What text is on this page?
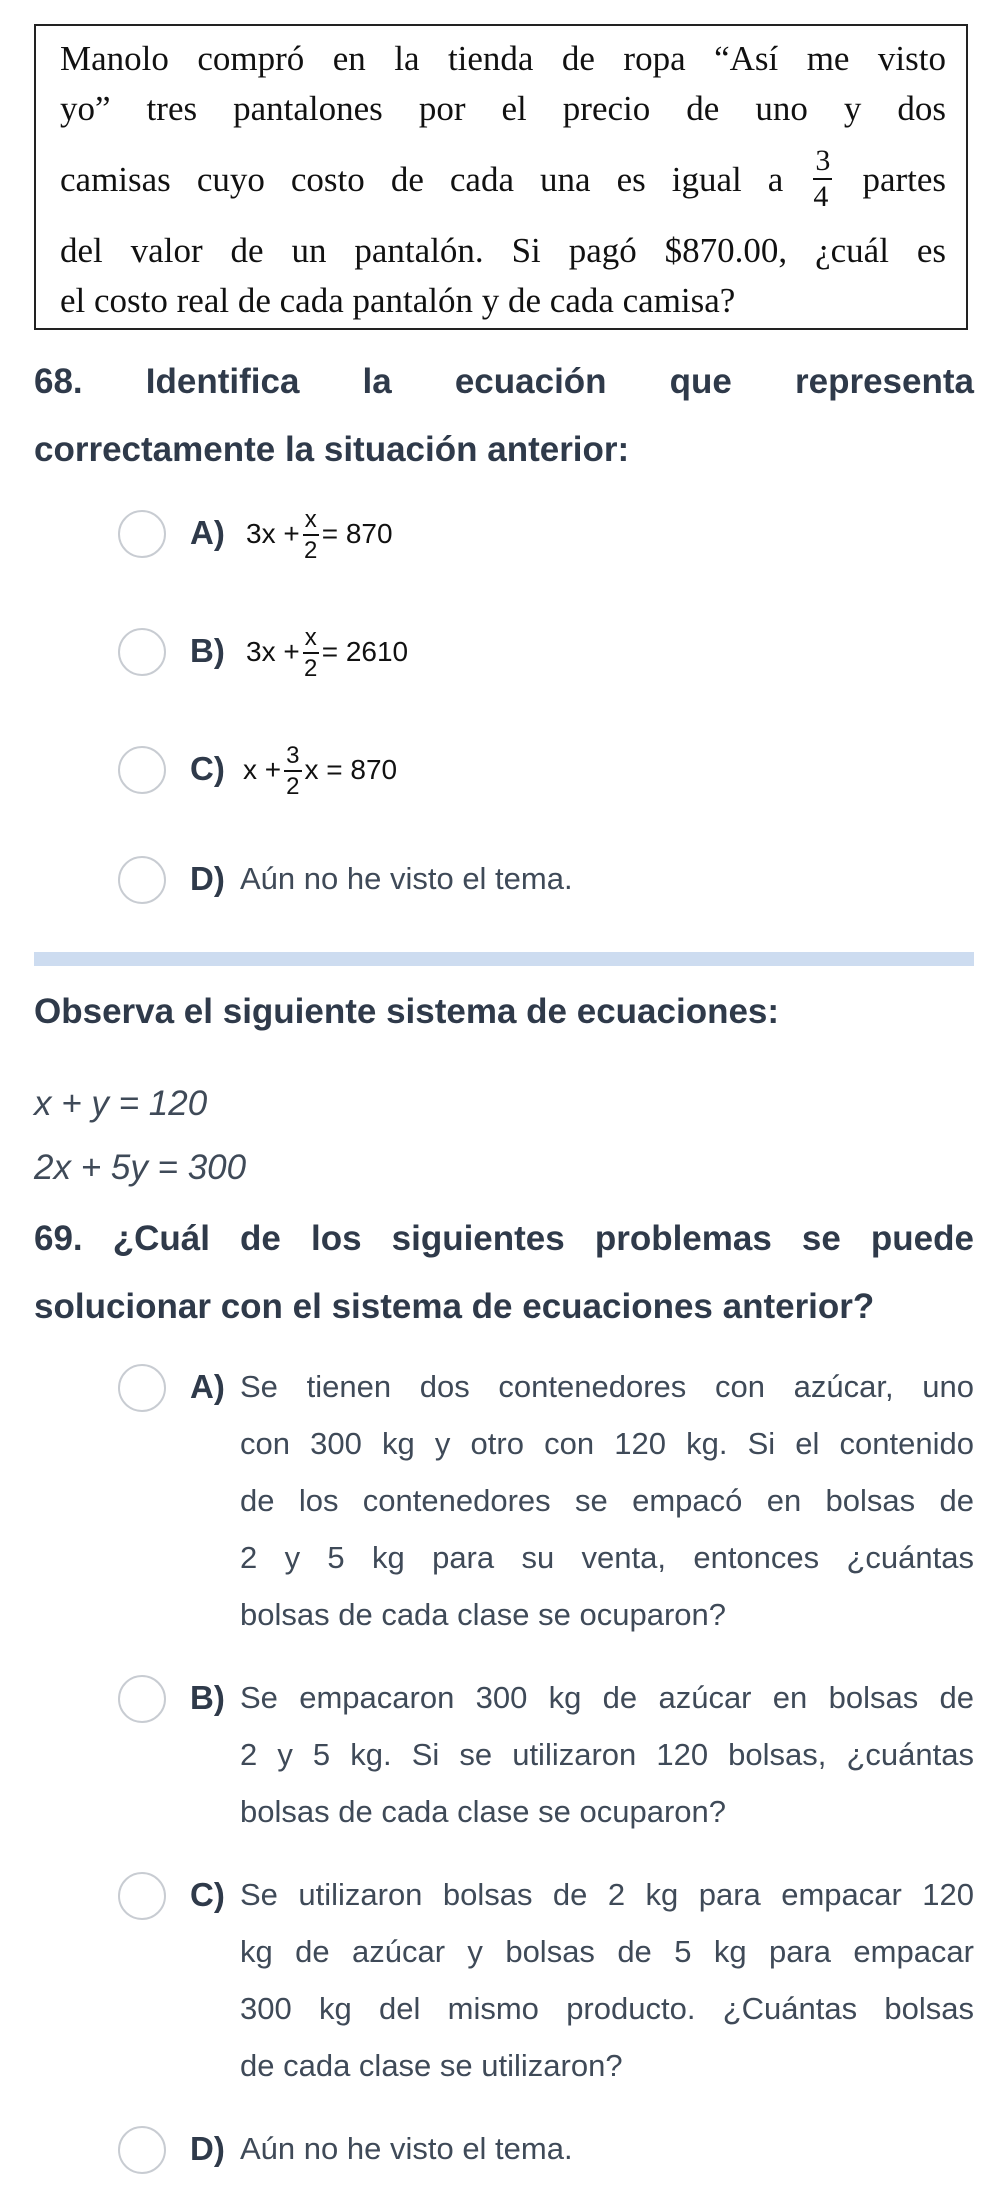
Manolo compró en la tienda de ropa “Así me visto
yo” tres pantalones por el precio de uno y dos
camisas cuyo costo de cada una es igual a $\frac{3}{4}$ partes
del valor de un pantalón. Si pagó $870.00, ¿cuál es
el costo real de cada pantalón y de cada camisa?

68. Identifica la ecuación que representa
correctamente la situación anterior:
A) $3x + \frac{x}{2} = 870$
B) $3x + \frac{x}{2} = 2610$
C) $x + \frac{3}{2}$ x = 870
D) Aún no he visto el tema.
Observa el siguiente sistema de ecuaciones:
x + y = 120
2x + 5y = 300
69. ¿Cuál de los siguientes problemas se puede
solucionar con el sistema de ecuaciones anterior?
A) Se tienen dos contenedores con azúcar, uno
con 300 kg y otro con 120 kg. Si el contenido
de los contenedores se empacó en bolsas de
2 y 5 kg para su venta, entonces ¿cuántas
bolsas de cada clase se ocuparon?
B) Se empacaron 300 kg de azúcar en bolsas de
2 y 5 kg. Si se utilizaron 120 bolsas, ¿cuántas
bolsas de cada clase se ocuparon?
C) Se utilizaron bolsas de 2 kg para empacar 120
kg de azúcar y bolsas de 5 kg para empacar
300 kg del mismo producto. ¿Cuántas bolsas
de cada clase se utilizaron?
D) Aún no he visto el tema.
